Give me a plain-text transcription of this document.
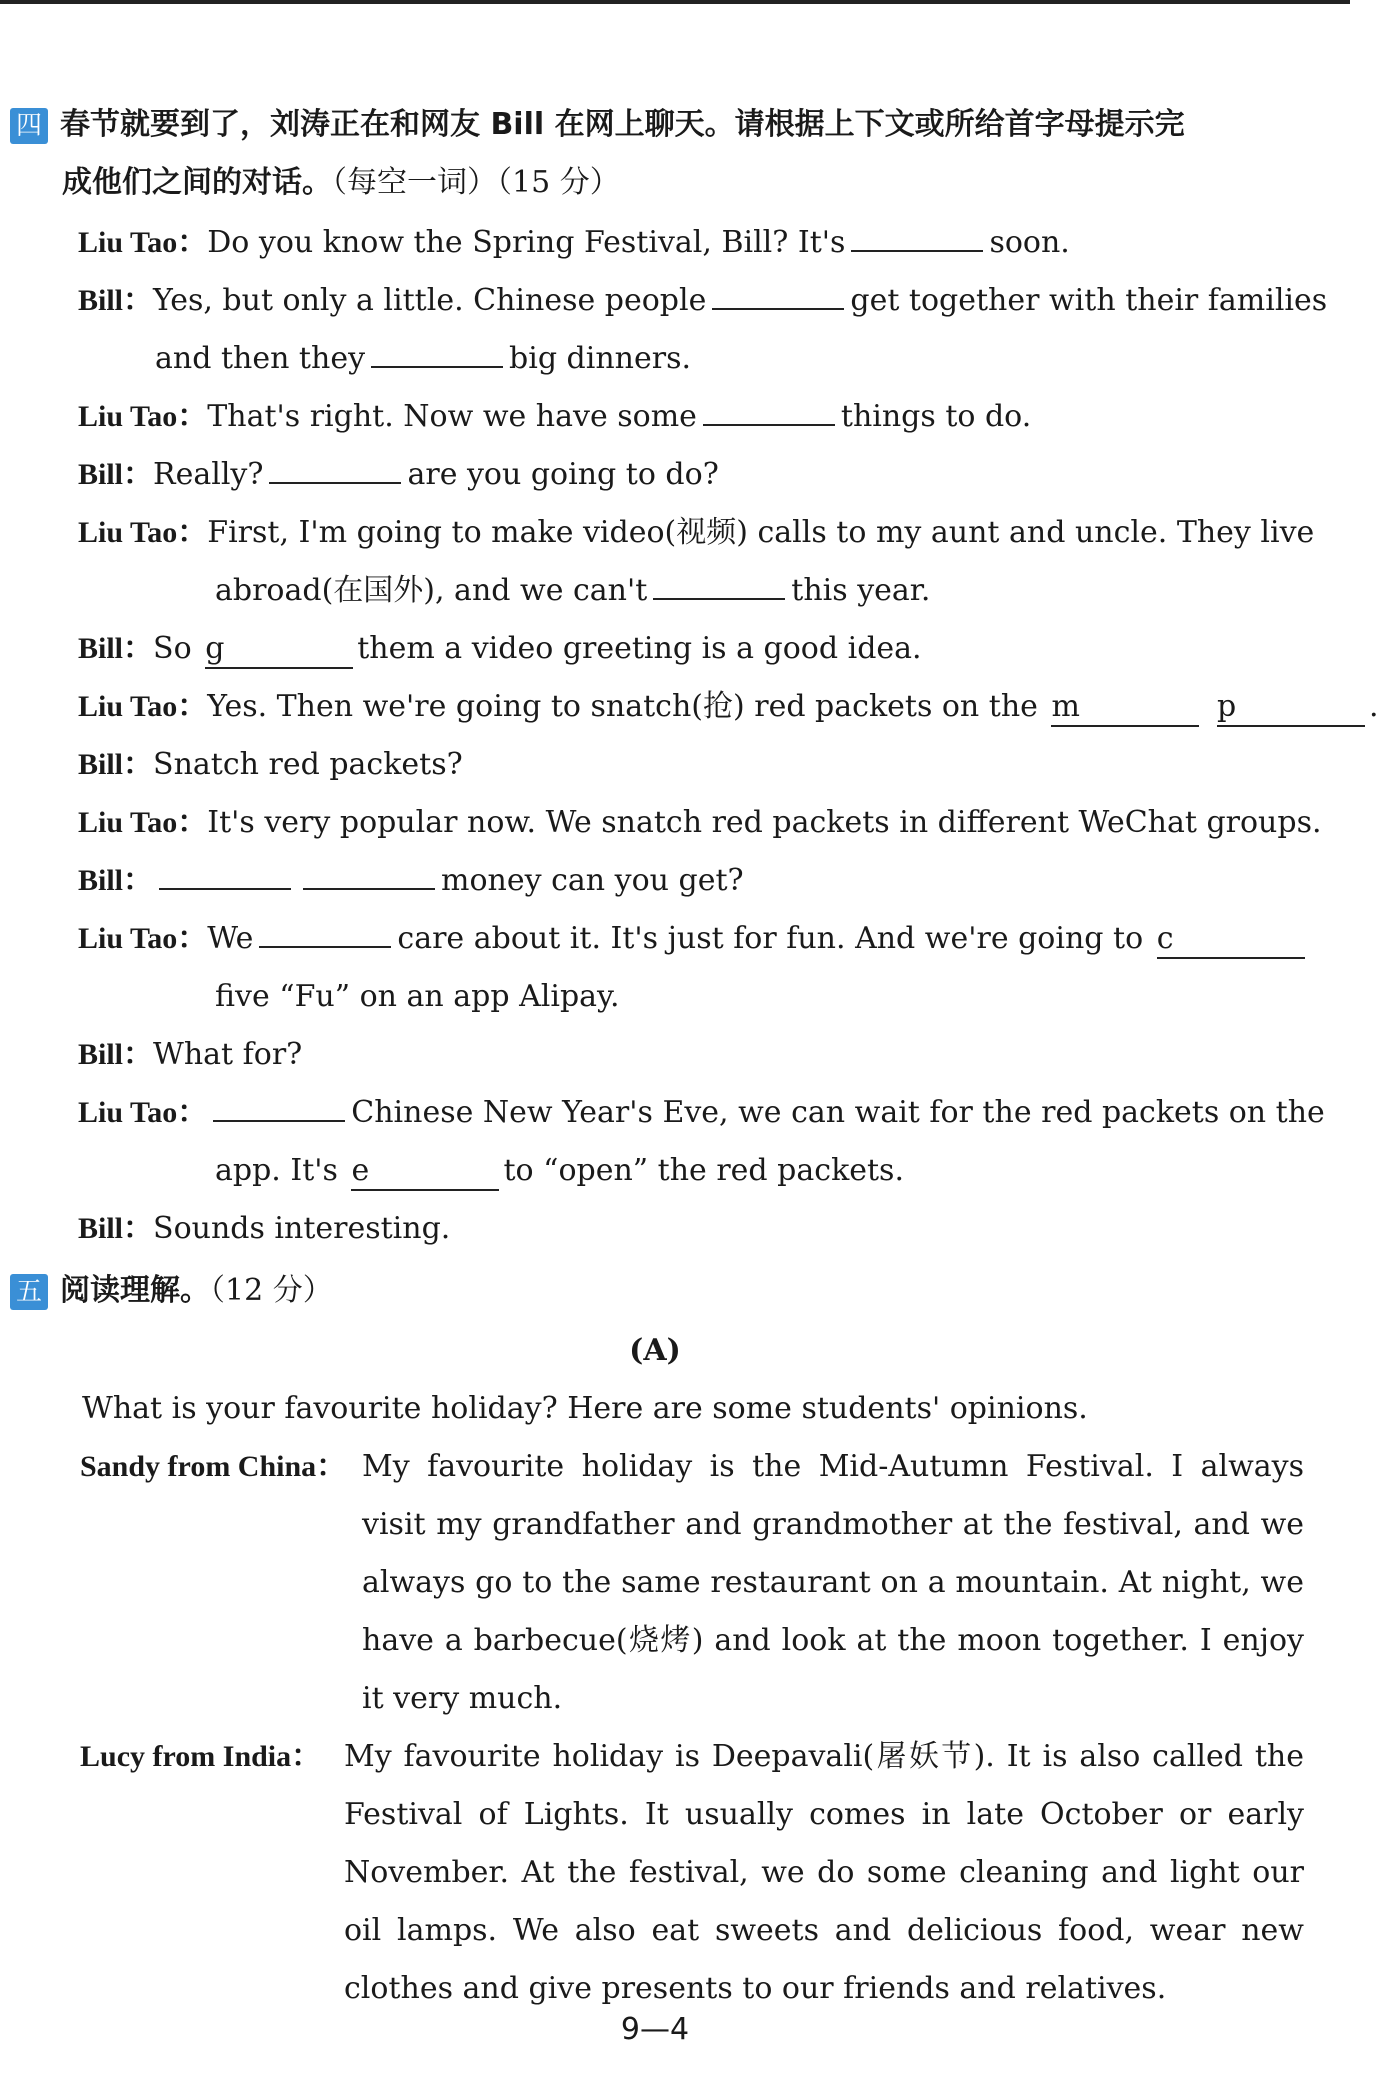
四 春节就要到了，刘涛正在和网友 Bill 在网上聊天。请根据上下文或所给首字母提示完
成他们之间的对话。（每空一词）（15 分）
Liu Tao：Do you know the Spring Festival, Bill? It's	soon.
Bill：Yes, but only a little. Chinese people	get together with their families
and then they	big dinners.
Liu Tao：That's right. Now we have some	things to do.
Bill：Really?	are you going to do?
Liu Tao：First, I'm going to make video(视频) calls to my aunt and uncle. They live
abroad(在国外), and we can't	this year.
Bill：So g	them a video greeting is a good idea.
Liu Tao：Yes. Then we're going to snatch(抢) red packets on the m	p	.
Bill：Snatch red packets?
Liu Tao：It's very popular now. We snatch red packets in different WeChat groups.
Bill：	money can you get?
Liu Tao：We	care about it. It's just for fun. And we're going to c
five “Fu” on an app Alipay.
Bill：What for?
Liu Tao：	Chinese New Year's Eve, we can wait for the red packets on the
app. It's e	to “open” the red packets.
Bill：Sounds interesting.
五 阅读理解。（12 分）
(A)
What is your favourite holiday? Here are some students' opinions.
Sandy from China： My favourite holiday is the Mid-Autumn Festival. I always visit my grandfather and grandmother at the festival, and we always go to the same restaurant on a mountain. At night, we have a barbecue(烧烤) and look at the moon together. I enjoy it very much.
Lucy from India： My favourite holiday is Deepavali(屠妖节). It is also called the Festival of Lights. It usually comes in late October or early November. At the festival, we do some cleaning and light our oil lamps. We also eat sweets and delicious food, wear new clothes and give presents to our friends and relatives.
9—4
